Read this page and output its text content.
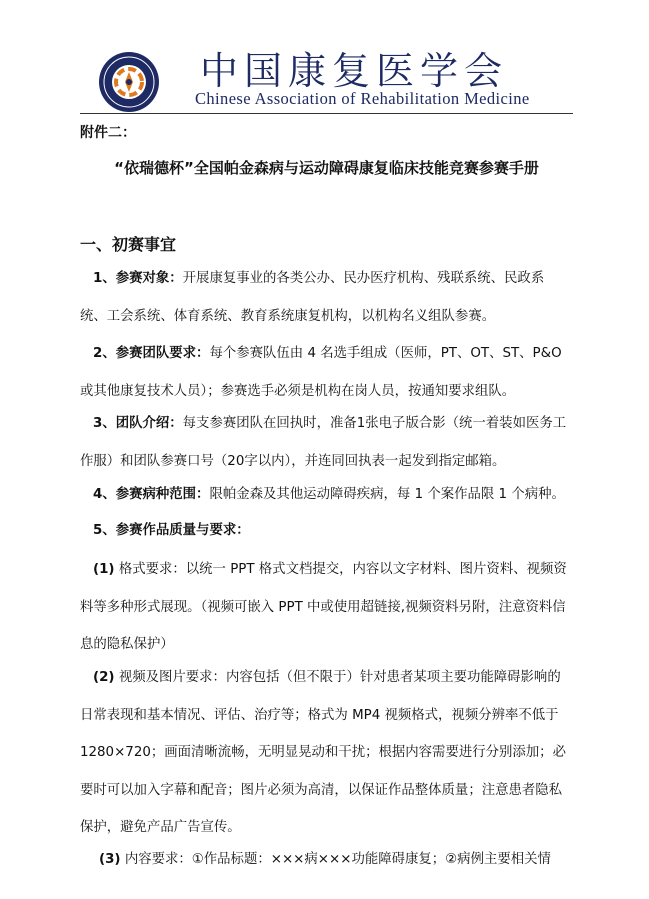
中国康复医学会
Chinese Association of Rehabilitation Medicine
附件二：
“依瑞德杯”全国帕金森病与运动障碍康复临床技能竞赛参赛手册
一、初赛事宜
1、参赛对象：开展康复事业的各类公办、民办医疗机构、残联系统、民政系统、工会系统、体育系统、教育系统康复机构，以机构名义组队参赛。
2、参赛团队要求：每个参赛队伍由 4 名选手组成（医师，PT、OT、ST、P&O或其他康复技术人员）；参赛选手必须是机构在岗人员，按通知要求组队。
3、团队介绍：每支参赛团队在回执时，准备1张电子版合影（统一着装如医务工作服）和团队参赛口号（20字以内），并连同回执表一起发到指定邮箱。
4、参赛病种范围：限帕金森及其他运动障碍疾病，每 1 个案作品限 1 个病种。
5、参赛作品质量与要求：
(1) 格式要求：以统一 PPT 格式文档提交，内容以文字材料、图片资料、视频资料等多种形式展现。（视频可嵌入 PPT 中或使用超链接,视频资料另附，注意资料信息的隐私保护）
(2) 视频及图片要求：内容包括（但不限于）针对患者某项主要功能障碍影响的日常表现和基本情况、评估、治疗等；格式为 MP4 视频格式，视频分辨率不低于 1280×720；画面清晰流畅，无明显晃动和干扰；根据内容需要进行分别添加；必要时可以加入字幕和配音；图片必须为高清，以保证作品整体质量；注意患者隐私保护，避免产品广告宣传。
(3) 内容要求：①作品标题：×××病×××功能障碍康复；②病例主要相关情
